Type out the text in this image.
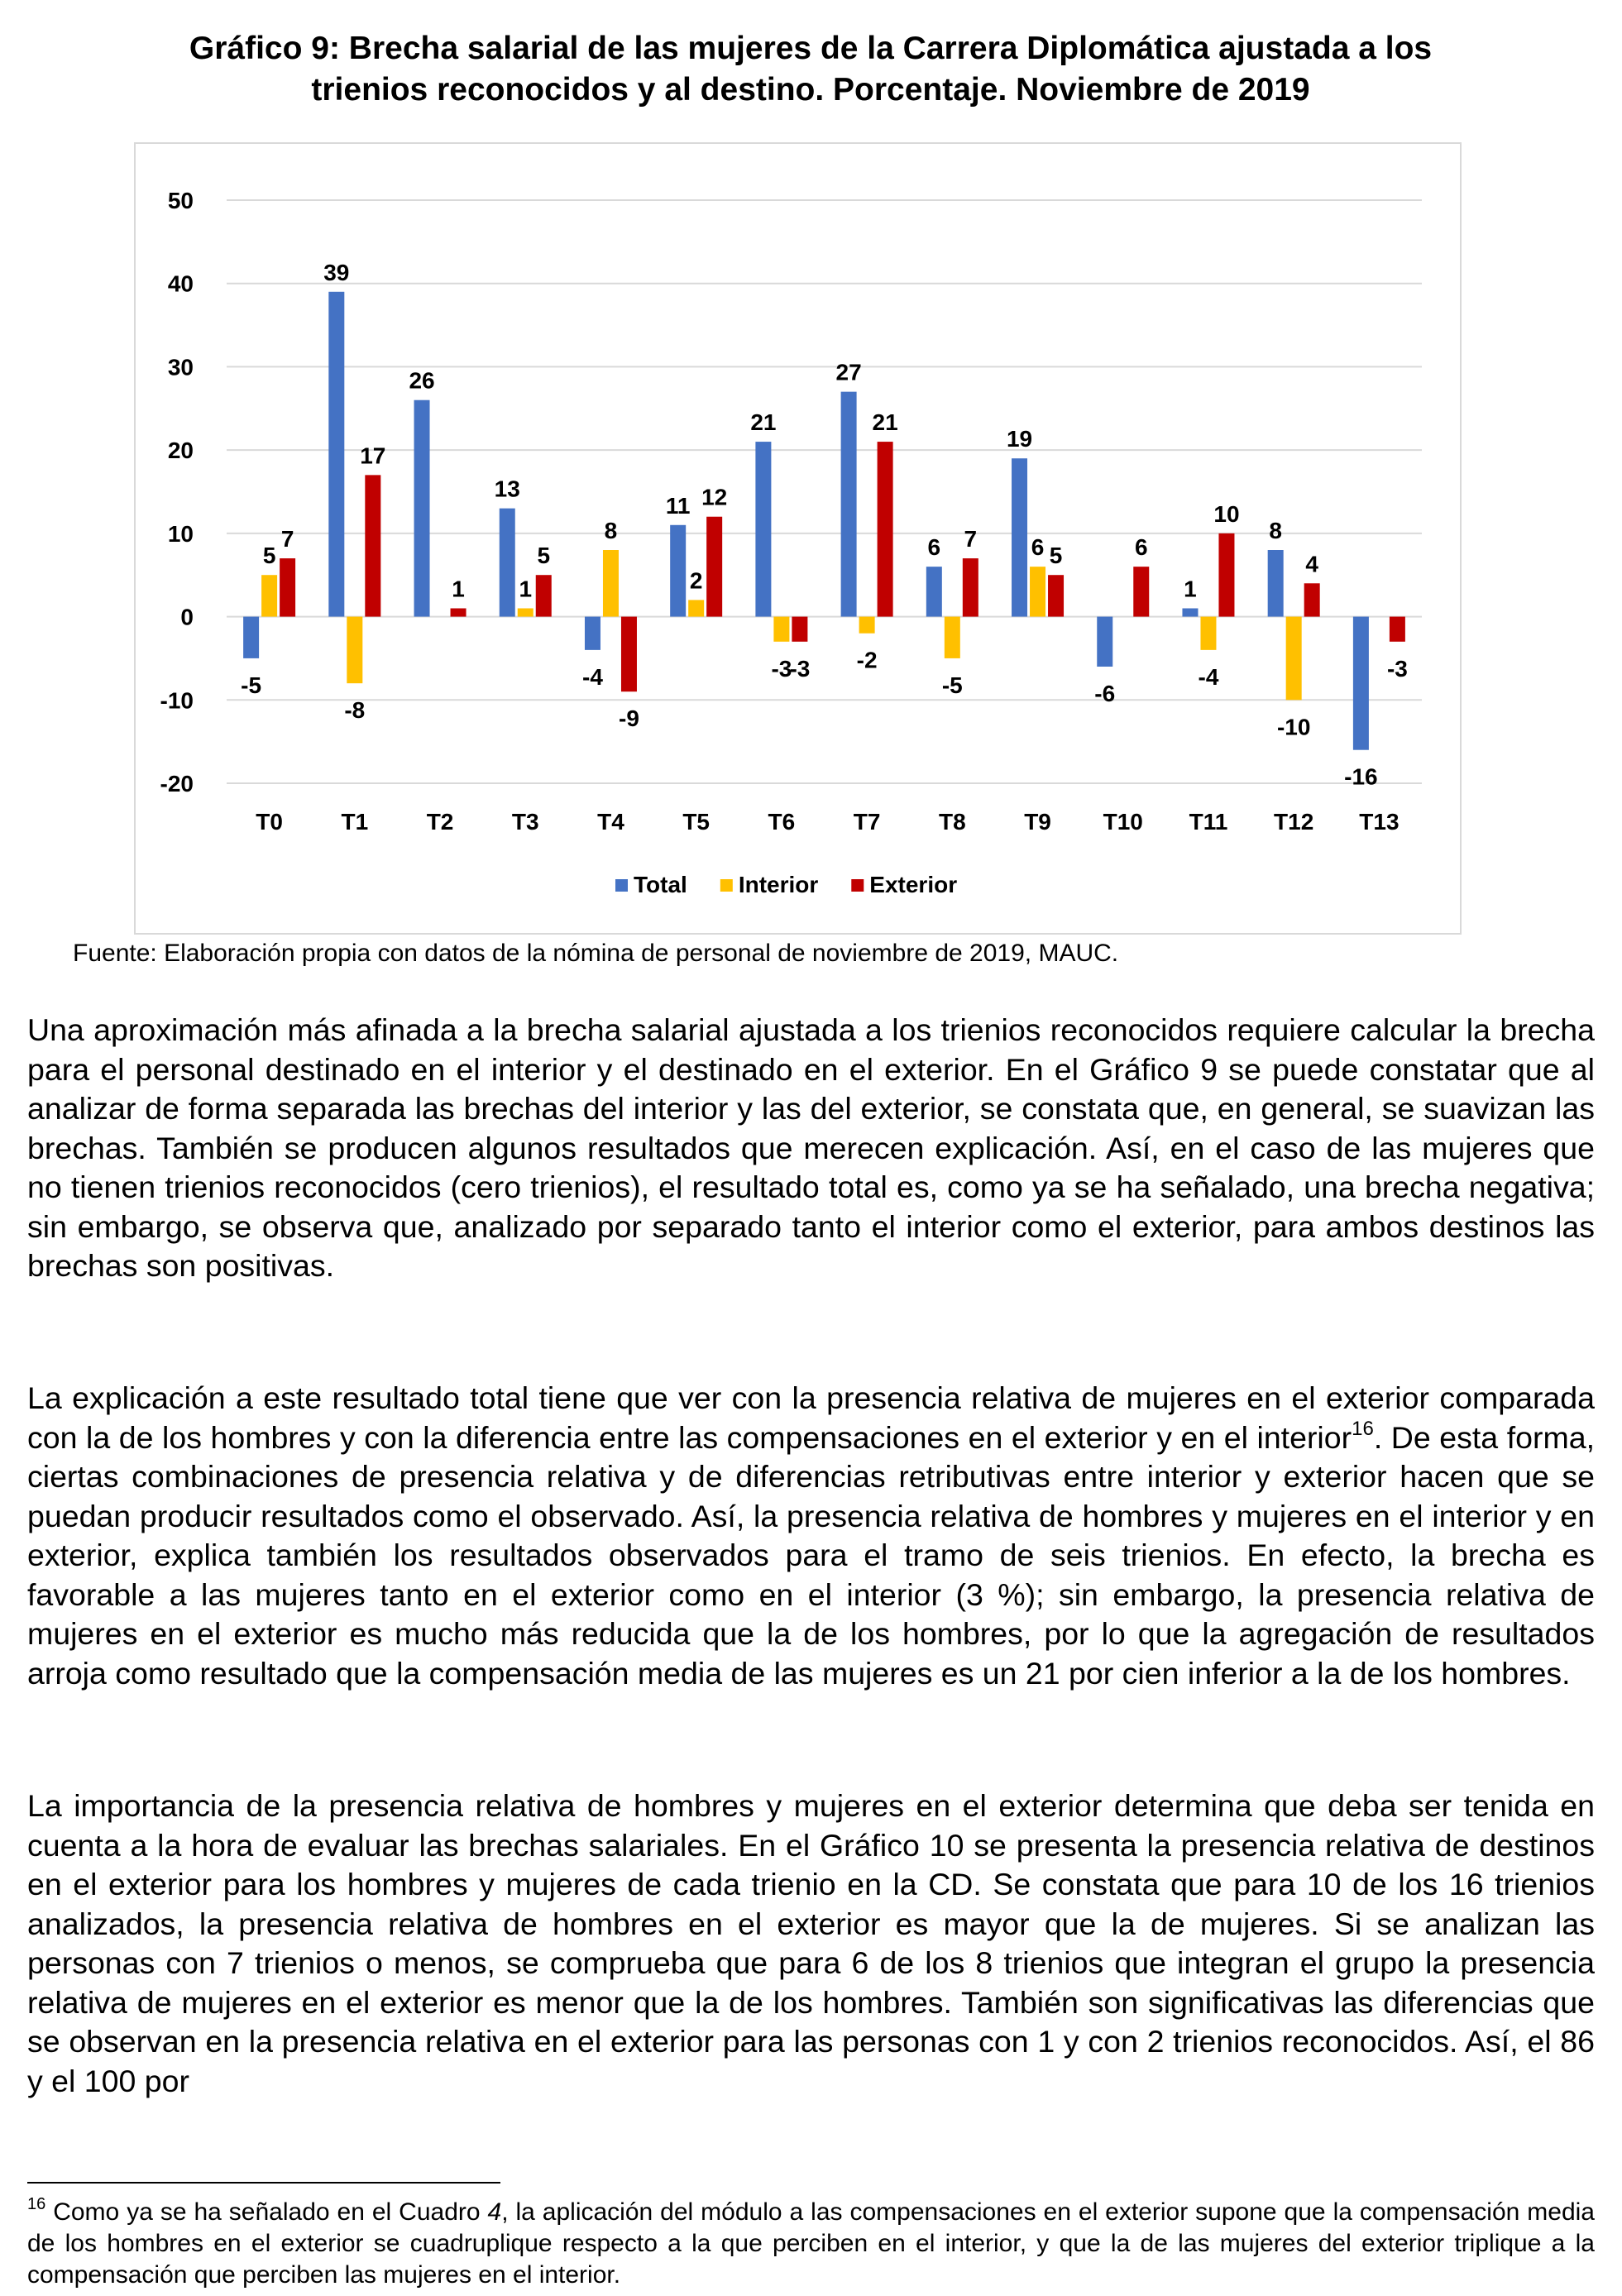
Gráfico 9: Brecha salarial de las mujeres de la Carrera Diplomática ajustada a los
trienios reconocidos y al destino. Porcentaje. Noviembre de 2019
50
40
30
20
10
0
-10
-20
-5
5
7
T0
39
-8
17
T1
26
1
T2
13
1
5
T3
-4
8
-9
T4
11
2
12
T5
21
-3
-3
T6
27
-2
21
T7
6
-5
7
T8
19
6 5
T9
-6
6
T10
1
-4
10
T11
8
-10
4
T12
-16
-3
T13
Total Interior Exterior
Fuente: Elaboración propia con datos de la nómina de personal de noviembre de 2019, MAUC.
Una aproximación más afinada a la brecha salarial ajustada a los trienios reconocidos requiere calcular la brecha para el personal destinado en el interior y el destinado en el exterior. En el Gráfico 9 se puede constatar que al analizar de forma separada las brechas del interior y las del exterior, se constata que, en general, se suavizan las brechas. También se producen algunos resultados que merecen explicación. Así, en el caso de las mujeres que no tienen trienios reconocidos (cero trienios), el resultado total es, como ya se ha señalado, una brecha negativa; sin embargo, se observa que, analizado por separado tanto el interior como el exterior, para ambos destinos las brechas son positivas.
La explicación a este resultado total tiene que ver con la presencia relativa de mujeres en el exterior comparada con la de los hombres y con la diferencia entre las compensaciones en el exterior y en el interior$^{16}$. De esta forma, ciertas combinaciones de presencia relativa y de diferencias retributivas entre interior y exterior hacen que se puedan producir resultados como el observado. Así, la presencia relativa de hombres y mujeres en el interior y en exterior, explica también los resultados observados para el tramo de seis trienios. En efecto, la brecha es favorable a las mujeres tanto en el exterior como en el interior (3 %); sin embargo, la presencia relativa de mujeres en el exterior es mucho más reducida que la de los hombres, por lo que la agregación de resultados arroja como resultado que la compensación media de las mujeres es un 21 por cien inferior a la de los hombres.
La importancia de la presencia relativa de hombres y mujeres en el exterior determina que deba ser tenida en cuenta a la hora de evaluar las brechas salariales. En el Gráfico 10 se presenta la presencia relativa de destinos en el exterior para los hombres y mujeres de cada trienio en la CD. Se constata que para 10 de los 16 trienios analizados, la presencia relativa de hombres en el exterior es mayor que la de mujeres. Si se analizan las personas con 7 trienios o menos, se comprueba que para 6 de los 8 trienios que integran el grupo la presencia relativa de mujeres en el exterior es menor que la de los hombres. También son significativas las diferencias que se observan en la presencia relativa en el exterior para las personas con 1 y con 2 trienios reconocidos. Así, el 86 y el 100 por
$^{16}$ Como ya se ha señalado en el Cuadro 4, la aplicación del módulo a las compensaciones en el exterior supone que la compensación media de los hombres en el exterior se cuadruplique respecto a la que perciben en el interior, y que la de las mujeres del exterior triplique a la compensación que perciben las mujeres en el interior.
